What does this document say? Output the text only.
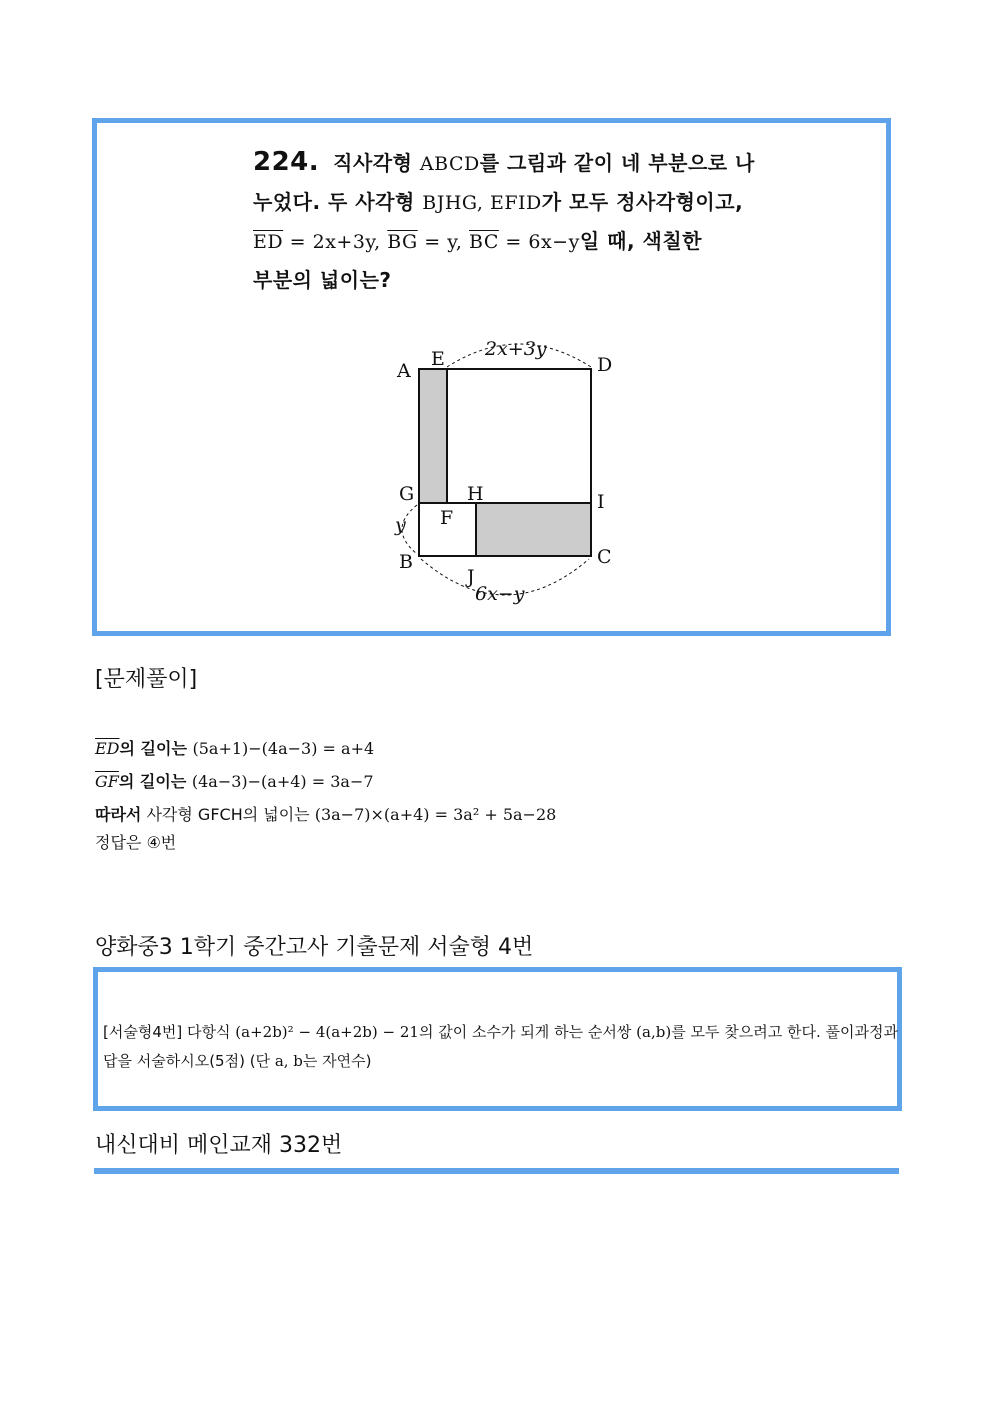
224. 직사각형 ABCD를 그림과 같이 네 부분으로 나
누었다. 두 사각형 BJHG, EFID가 모두 정사각형이고,
$\overline{ED} = 2x+3y$, $\overline{BG} = y$, $\overline{BC} = 6x-y$일 때, 색칠한
부분의 넓이는?
A
E	D
G	H	I
F
B
J
C
2x+3y
y
6x−y
[문제풀이]
$\overline{ED}$의 길이는 (5a+1)−(4a−3) = a+4
$\overline{GF}$의 길이는 (4a−3)−(a+4) = 3a−7
따라서 사각형 GFCH의 넓이는 (3a−7)×(a+4) = 3a² + 5a−28
정답은 ④번
양화중3 1학기 중간고사 기출문제 서술형 4번
[서술형4번] 다항식 (a+2b)² − 4(a+2b) − 21의 값이 소수가 되게 하는 순서쌍 (a,b)를 모두 찾으려고 한다. 풀이과정과 답을 서술하시오(5점) (단 a, b는 자연수)
내신대비 메인교재 332번
